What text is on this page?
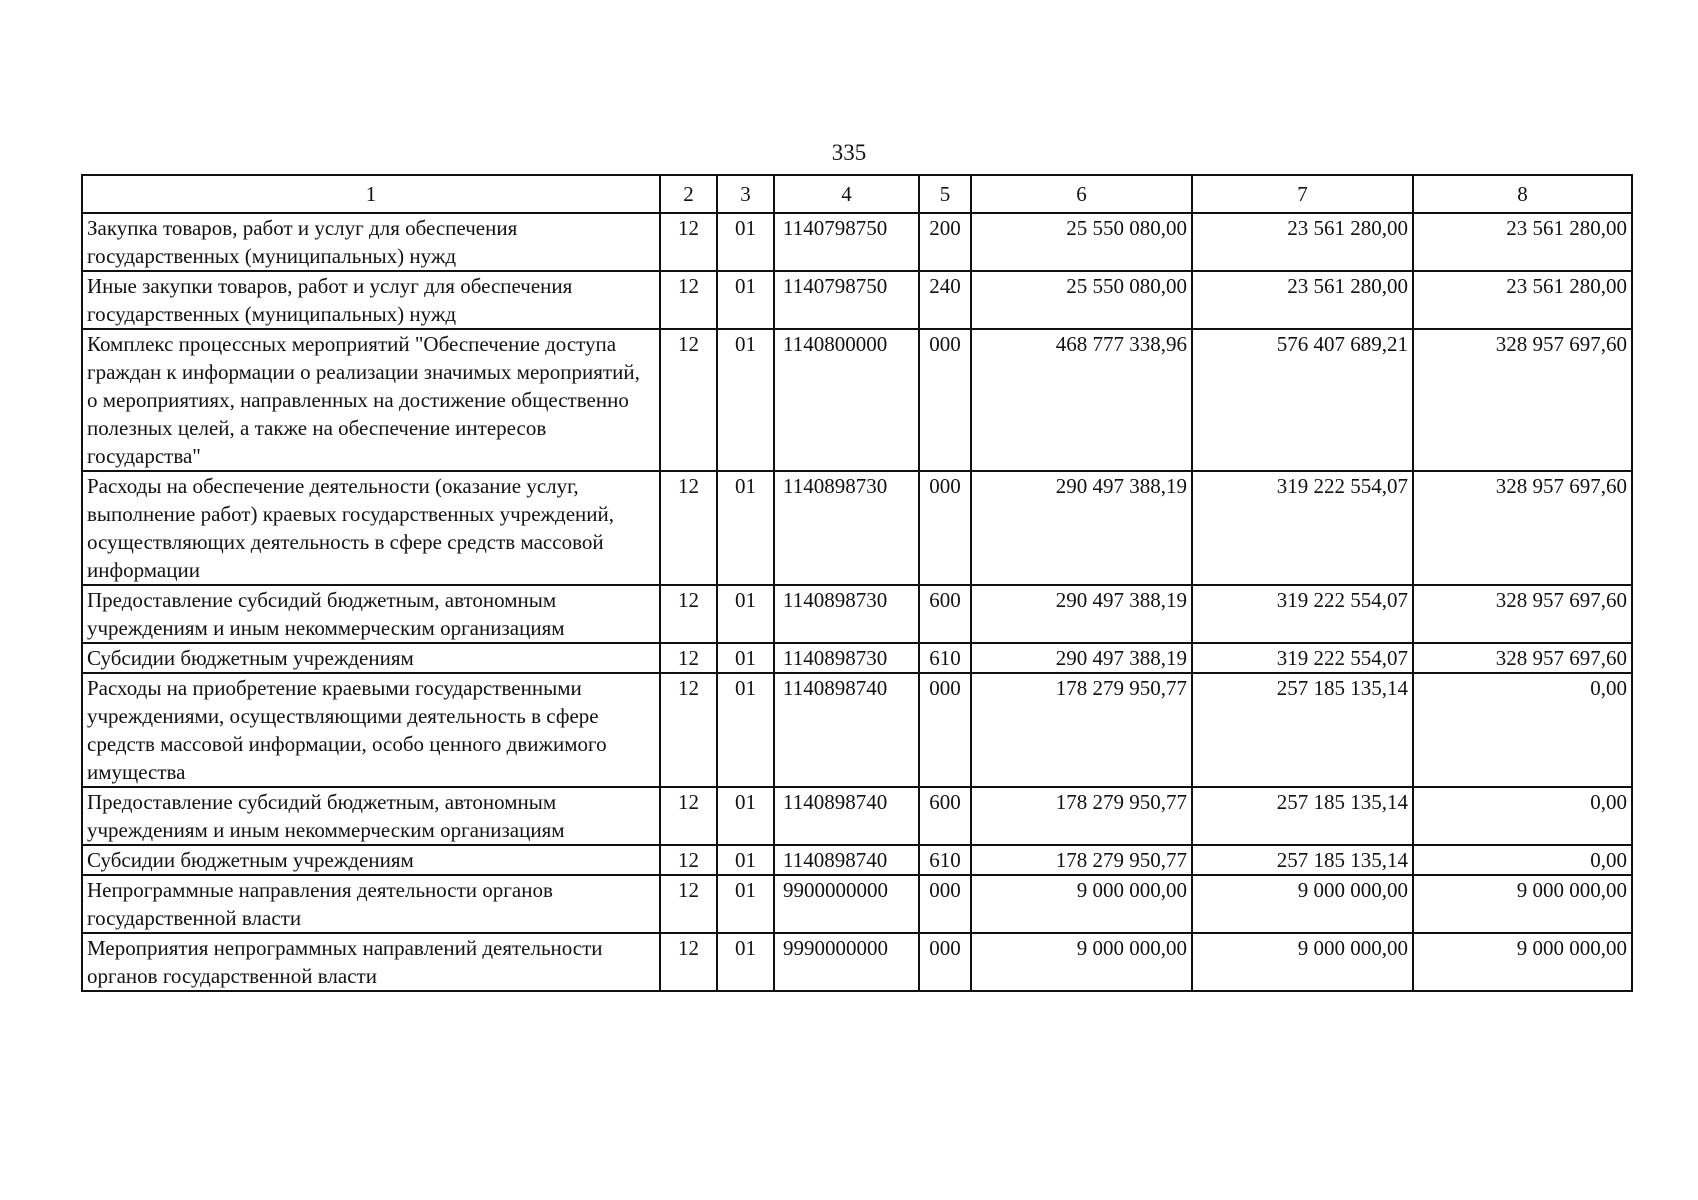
335
1	2	3	4	5	6	7	8
Закупка товаров, работ и услуг для обеспечения государственных (муниципальных) нужд	12	01	1140798750	200	25 550 080,00	23 561 280,00	23 561 280,00
Иные закупки товаров, работ и услуг для обеспечения государственных (муниципальных) нужд	12	01	1140798750	240	25 550 080,00	23 561 280,00	23 561 280,00
Комплекс процессных мероприятий "Обеспечение доступа граждан к информации о реализации значимых мероприятий, о мероприятиях, направленных на достижение общественно полезных целей, а также на обеспечение интересов государства"	12	01	1140800000	000	468 777 338,96	576 407 689,21	328 957 697,60
Расходы на обеспечение деятельности (оказание услуг, выполнение работ) краевых государственных учреждений, осуществляющих деятельность в сфере средств массовой информации	12	01	1140898730	000	290 497 388,19	319 222 554,07	328 957 697,60
Предоставление субсидий бюджетным, автономным учреждениям и иным некоммерческим организациям	12	01	1140898730	600	290 497 388,19	319 222 554,07	328 957 697,60
Субсидии бюджетным учреждениям	12	01	1140898730	610	290 497 388,19	319 222 554,07	328 957 697,60
Расходы на приобретение краевыми государственными учреждениями, осуществляющими деятельность в сфере средств массовой информации, особо ценного движимого имущества	12	01	1140898740	000	178 279 950,77	257 185 135,14	0,00
Предоставление субсидий бюджетным, автономным учреждениям и иным некоммерческим организациям	12	01	1140898740	600	178 279 950,77	257 185 135,14	0,00
Субсидии бюджетным учреждениям	12	01	1140898740	610	178 279 950,77	257 185 135,14	0,00
Непрограммные направления деятельности органов государственной власти	12	01	9900000000	000	9 000 000,00	9 000 000,00	9 000 000,00
Мероприятия непрограммных направлений деятельности органов государственной власти	12	01	9990000000	000	9 000 000,00	9 000 000,00	9 000 000,00
